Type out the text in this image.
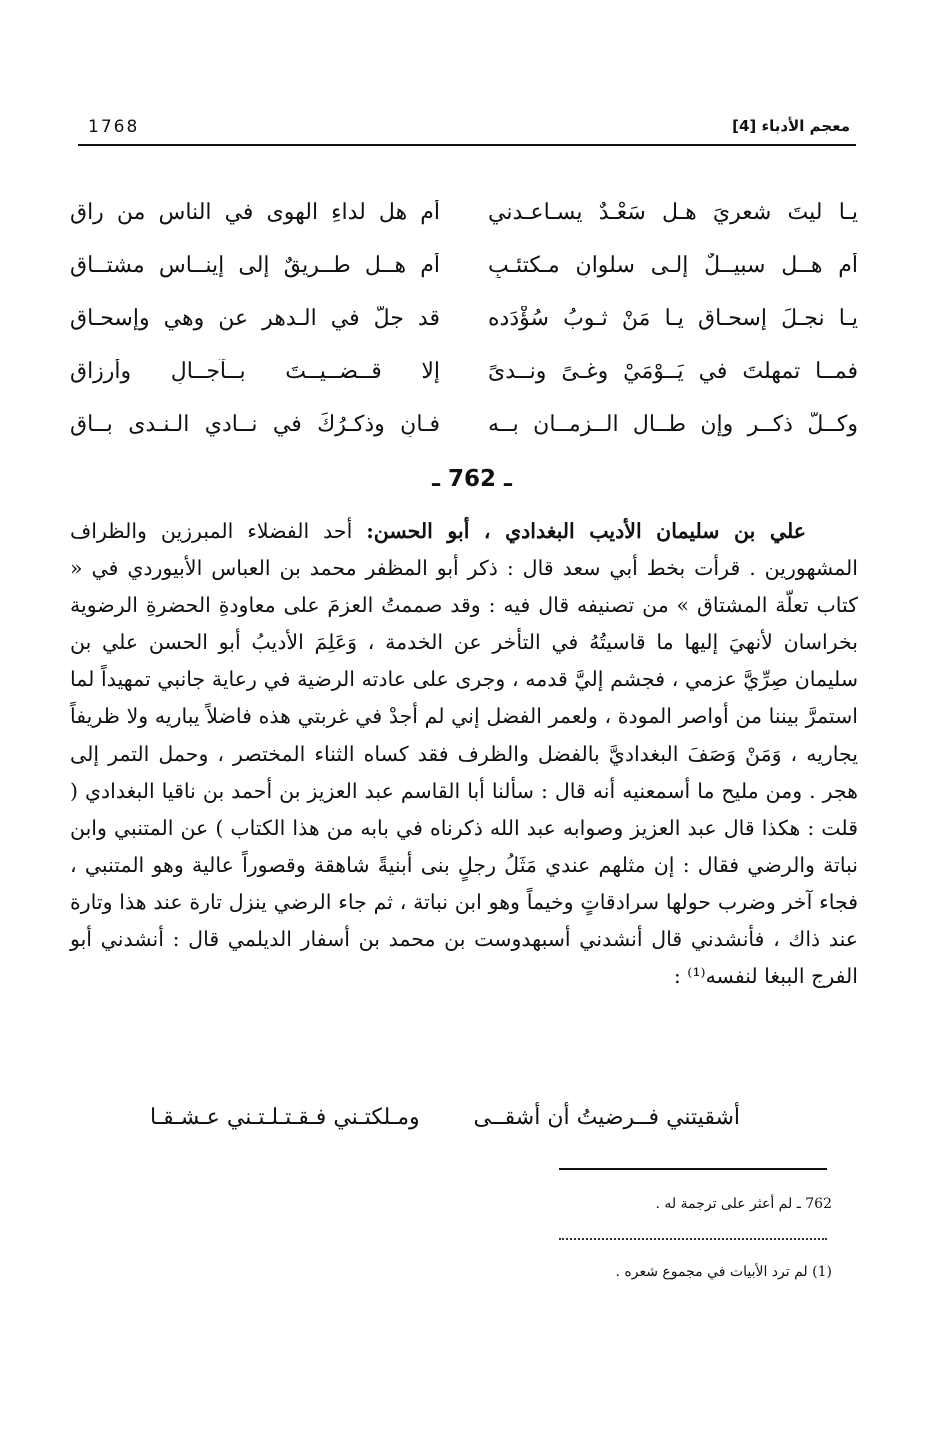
1768	معجم الأدباء [4]
يـا ليتَ شعريَ هـل سَعْـدٌ يسـاعـدني
أم هل لداءِ الهوى في الناسِ من راقِ
أم هــل سبيــلٌ إلـى سلوانِ مـكتئـبٍ
أم هــل طــريقٌ إلى إينــاس مشتــاقِ
يـا نجـلَ إسحـاق يـا مَنْ ثـوبُ سُؤْدَده
قد جلَّ في الـدهر عن وهيٍ وإسحـاقِ
فمــا تمهلتَ في يَــوْمَيْ وغـىً ونــدىً
إلا قــضــيــتَ بــآجــالٍ وأرزاقِ
وكــلّ ذكــرٍ وإن طــال الــزمــان بــه
فـانٍ وذكـرُكَ في نــادي الـنـدى بــاقِ
ـ 762 ـ
علي بن سليمان الأديب البغدادي ، أبو الحسن: أحد الفضلاء المبرزين والظراف المشهورين . قرأت بخط أبي سعد قال : ذكر أبو المظفر محمد بن العباس الأبيوردي في « كتاب تعلّة المشتاق » من تصنيفه قال فيه : وقد صممتُ العزمَ على معاودةِ الحضرةِ الرضوية بخراسان لأنهيَ إليها ما قاسيتُهُ في التأخر عن الخدمة ، وَعَلِمَ الأديبُ أبو الحسن علي بن سليمان صِرِّيَّ عزمي ، فجشم إليَّ قدمه ، وجرى على عادته الرضية في رعاية جانبي تمهيداً لما استمرَّ بيننا من أواصر المودة ، ولعمر الفضل إني لم أجدْ في غربتي هذه فاضلاً يباريه ولا ظريفاً يجاريه ، وَمَنْ وَصَفَ البغداديَّ بالفضل والظرف فقد كساه الثناء المختصر ، وحمل التمر إلى هجر . ومن مليح ما أسمعنيه أنه قال : سألنا أبا القاسم عبد العزيز بن أحمد بن ناقيا البغدادي ( قلت : هكذا قال عبد العزيز وصوابه عبد الله ذكرناه في بابه من هذا الكتاب ) عن المتنبي وابن نباتة والرضي فقال : إن مثلهم عندي مَثَلُ رجلٍ بنى أبنيةً شاهقة وقصوراً عالية وهو المتنبي ، فجاء آخر وضرب حولها سرادقاتٍ وخيماً وهو ابن نباتة ، ثم جاء الرضي ينزل تارة عند هذا وتارة عند ذاك ، فأنشدني قال أنشدني أسبهدوست بن محمد بن أسفار الديلمي قال : أنشدني أبو الفرج الببغا لنفسه⁽¹⁾ :
أشقيتني فــرضيتُ أن أشقــى
ومـلكتـني فـقـتـلـتـني عـشـقـا
762 ـ لم أعثر على ترجمة له .
(1) لم ترد الأبيات في مجموع شعره .
